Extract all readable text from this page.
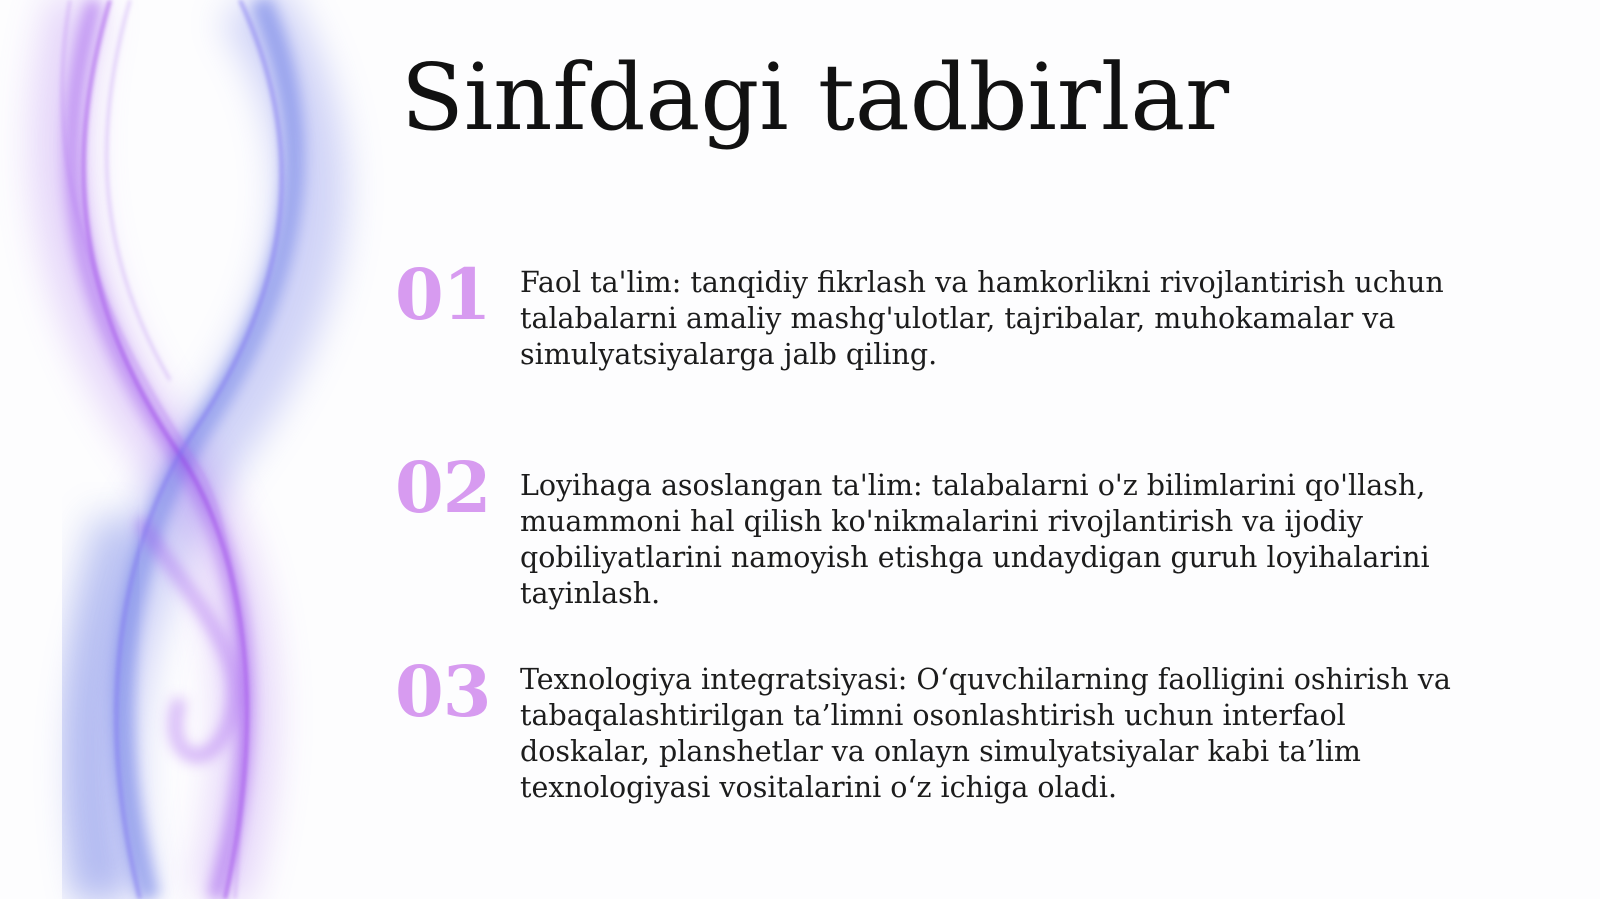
Sinfdagi tadbirlar
01 Faol ta'lim: tanqidiy fikrlash va hamkorlikni rivojlantirish uchun talabalarni amaliy mashg'ulotlar, tajribalar, muhokamalar va simulyatsiyalarga jalb qiling.
02 Loyihaga asoslangan ta'lim: talabalarni o'z bilimlarini qo'llash, muammoni hal qilish ko'nikmalarini rivojlantirish va ijodiy qobiliyatlarini namoyish etishga undaydigan guruh loyihalarini tayinlash.
03 Texnologiya integratsiyasi: O‘quvchilarning faolligini oshirish va tabaqalashtirilgan ta’limni osonlashtirish uchun interfaol doskalar, planshetlar va onlayn simulyatsiyalar kabi ta’lim texnologiyasi vositalarini o‘z ichiga oladi.
